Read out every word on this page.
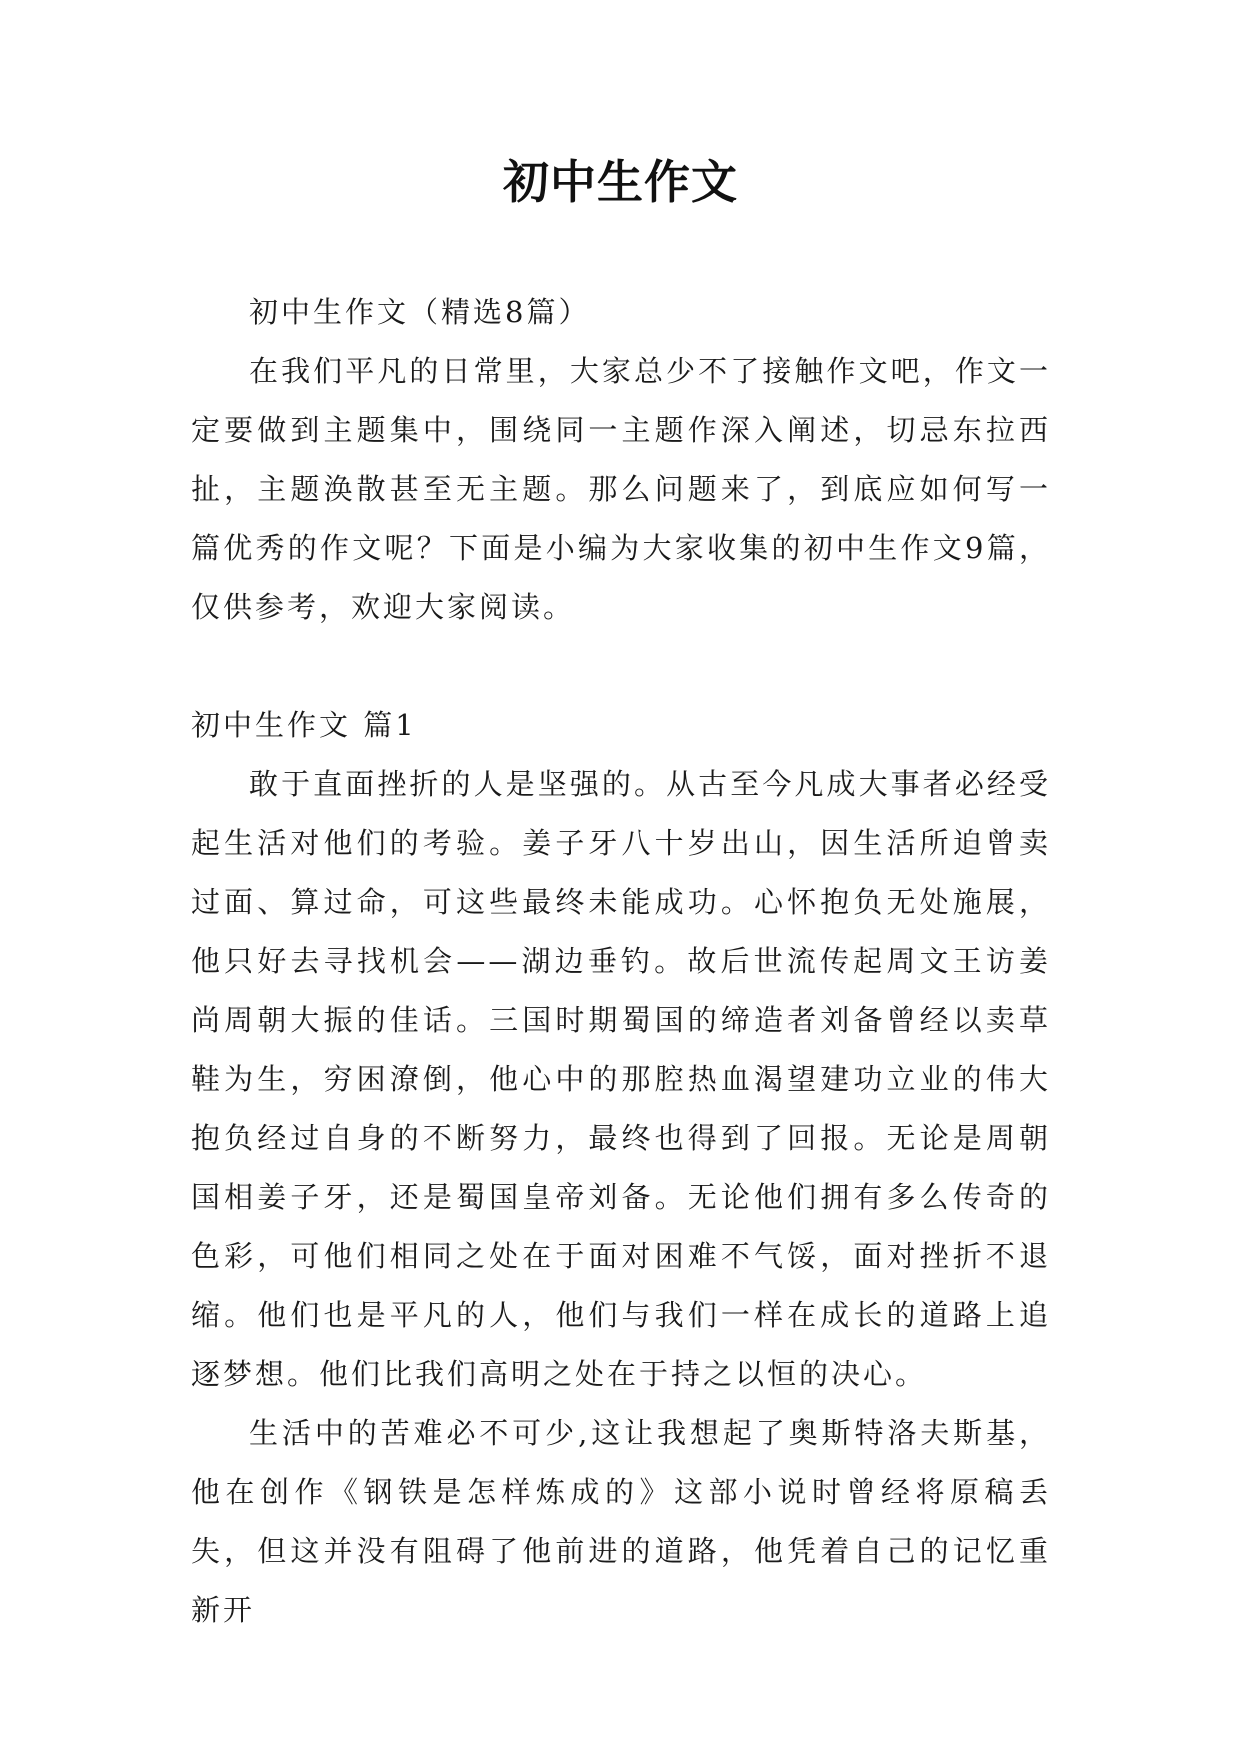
初中生作文

初中生作文（精选8篇）

在我们平凡的日常里，大家总少不了接触作文吧，作文一定要做到主题集中，围绕同一主题作深入阐述，切忌东拉西扯，主题涣散甚至无主题。那么问题来了，到底应如何写一篇优秀的作文呢？下面是小编为大家收集的初中生作文9篇，仅供参考，欢迎大家阅读。

初中生作文 篇1

敢于直面挫折的人是坚强的。从古至今凡成大事者必经受起生活对他们的考验。姜子牙八十岁出山，因生活所迫曾卖过面、算过命，可这些最终未能成功。心怀抱负无处施展，他只好去寻找机会——湖边垂钓。故后世流传起周文王访姜尚周朝大振的佳话。三国时期蜀国的缔造者刘备曾经以卖草鞋为生，穷困潦倒，他心中的那腔热血渴望建功立业的伟大抱负经过自身的不断努力，最终也得到了回报。无论是周朝国相姜子牙，还是蜀国皇帝刘备。无论他们拥有多么传奇的色彩，可他们相同之处在于面对困难不气馁，面对挫折不退缩。他们也是平凡的人，他们与我们一样在成长的道路上追逐梦想。他们比我们高明之处在于持之以恒的决心。

生活中的苦难必不可少,这让我想起了奥斯特洛夫斯基，他在创作《钢铁是怎样炼成的》这部小说时曾经将原稿丢失，但这并没有阻碍了他前进的道路，他凭着自己的记忆重新开
